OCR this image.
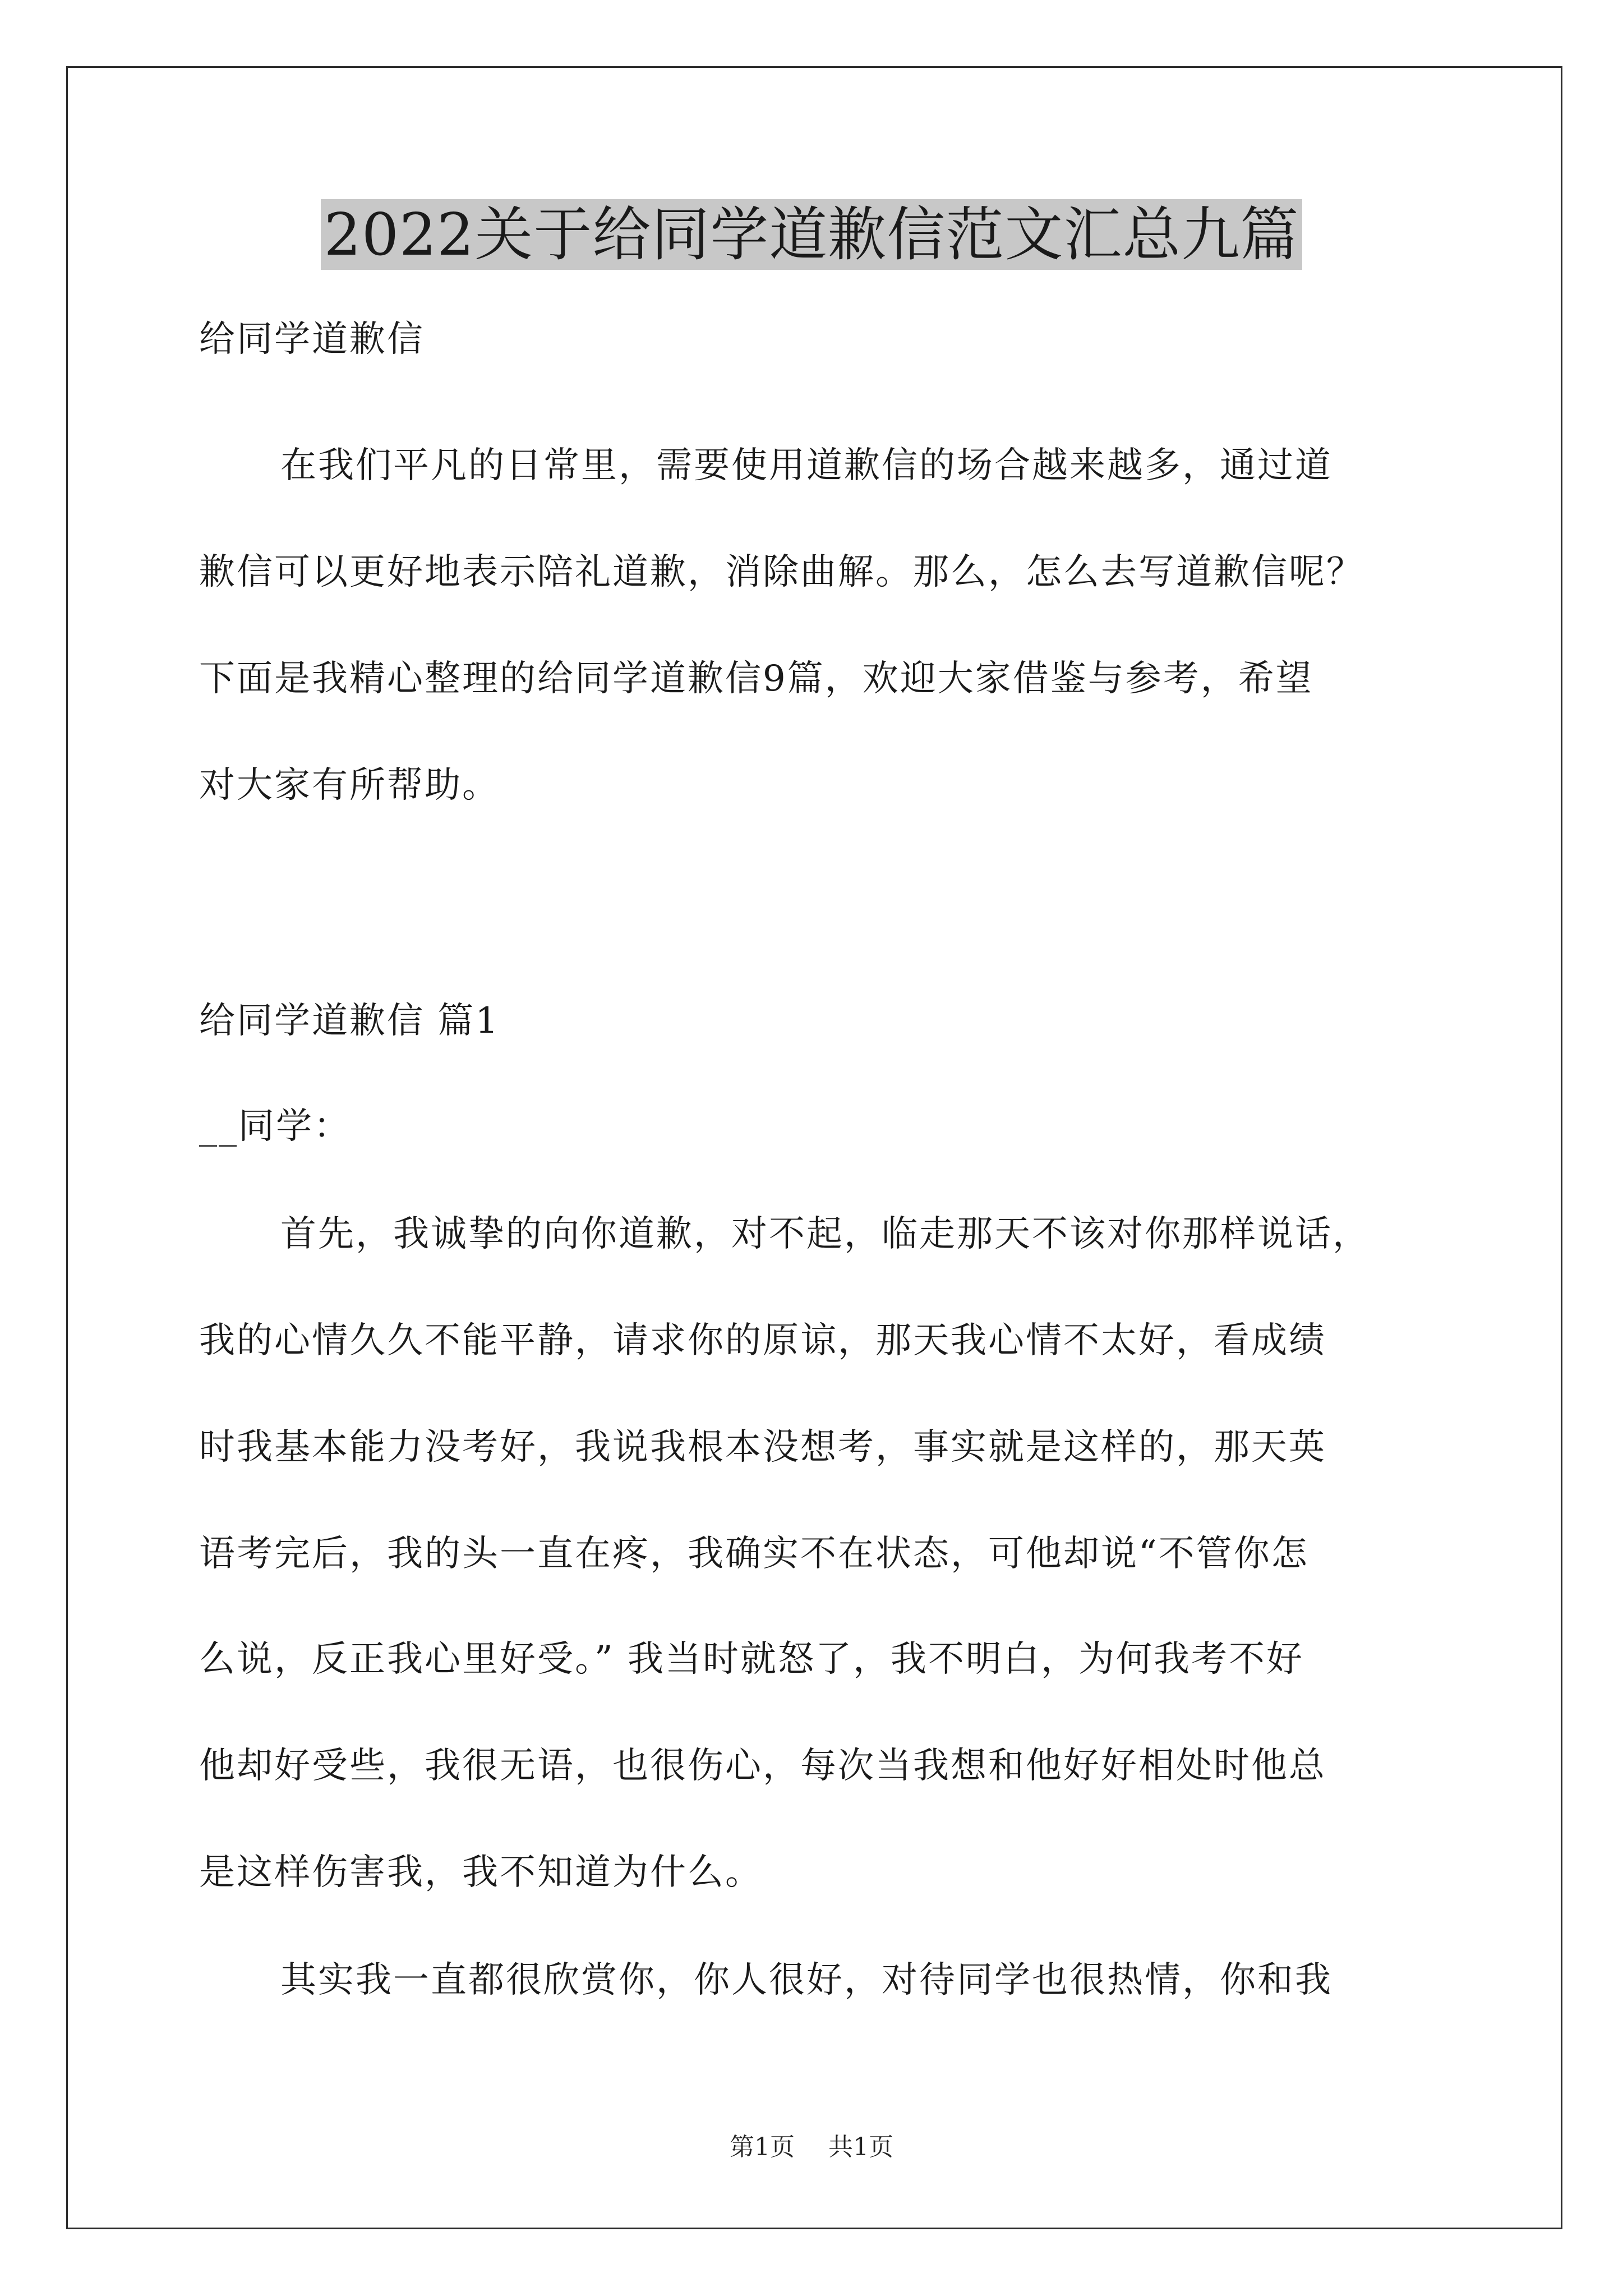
2022关于给同学道歉信范文汇总九篇
给同学道歉信
在我们平凡的日常里，需要使用道歉信的场合越来越多，通过道
歉信可以更好地表示陪礼道歉，消除曲解。那么，怎么去写道歉信呢？
下面是我精心整理的给同学道歉信9篇，欢迎大家借鉴与参考，希望
对大家有所帮助。
给同学道歉信 篇1
__同学：
首先，我诚挚的向你道歉，对不起，临走那天不该对你那样说话，
我的心情久久不能平静，请求你的原谅，那天我心情不太好，看成绩
时我基本能力没考好，我说我根本没想考，事实就是这样的，那天英
语考完后，我的头一直在疼，我确实不在状态，可他却说“不管你怎
么说，反正我心里好受。” 我当时就怒了，我不明白，为何我考不好
他却好受些，我很无语，也很伤心，每次当我想和他好好相处时他总
是这样伤害我，我不知道为什么。
其实我一直都很欣赏你，你人很好，对待同学也很热情，你和我
第1页 共1页
